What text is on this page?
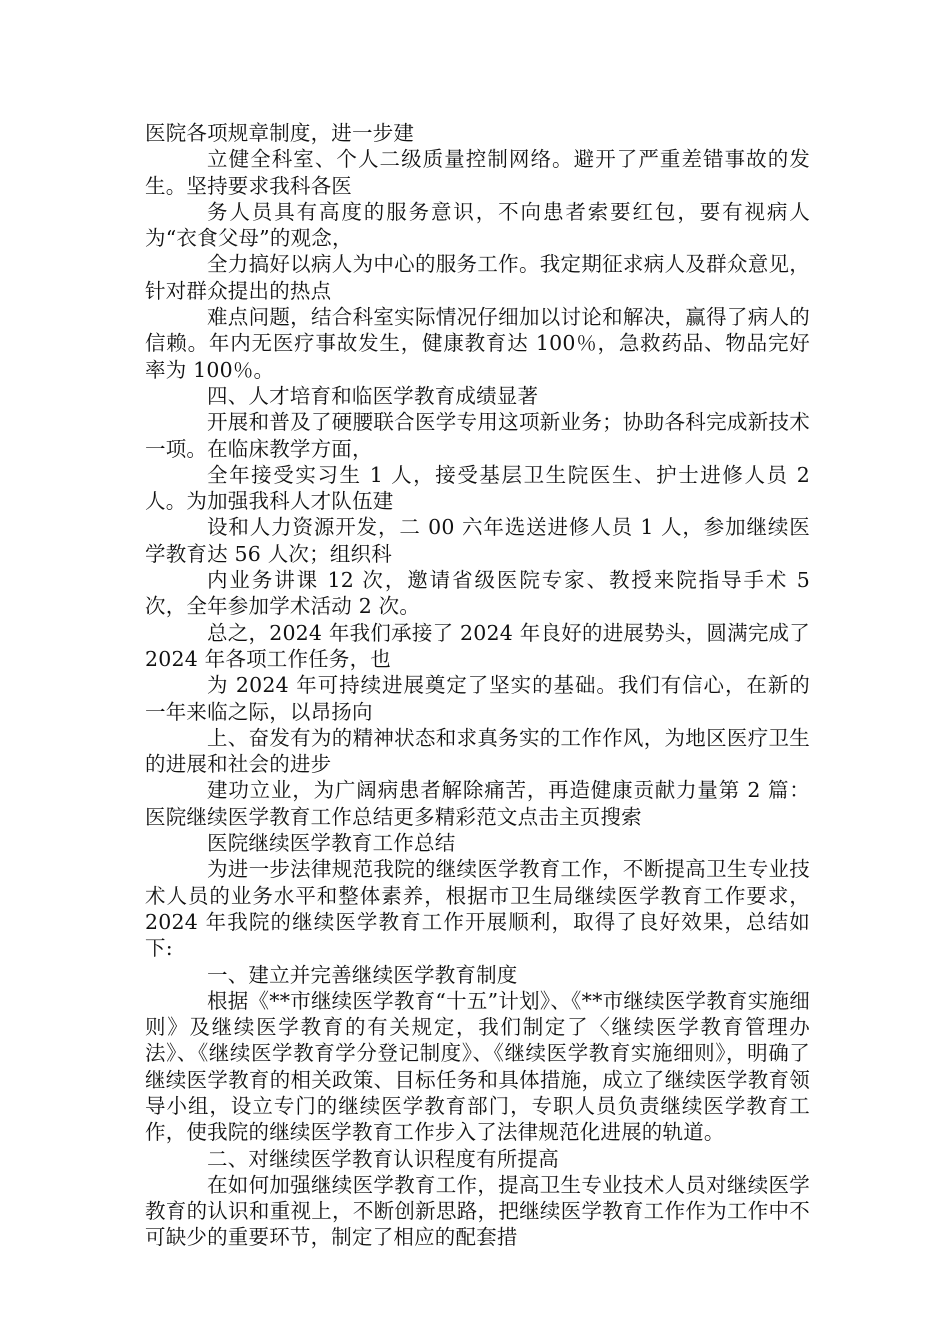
医院各项规章制度，进一步建

立健全科室、个人二级质量控制网络。避开了严重差错事故的发生。坚持要求我科各医

务人员具有高度的服务意识，不向患者索要红包，要有视病人为“衣食父母”的观念，

全力搞好以病人为中心的服务工作。我定期征求病人及群众意见，针对群众提出的热点

难点问题，结合科室实际情况仔细加以讨论和解决，赢得了病人的信赖。年内无医疗事故发生，健康教育达 100％，急救药品、物品完好率为 100％。

四、人才培育和临医学教育成绩显著

开展和普及了硬腰联合医学专用这项新业务；协助各科完成新技术一项。在临床教学方面，

全年接受实习生 1 人，接受基层卫生院医生、护士进修人员 2 人。为加强我科人才队伍建

设和人力资源开发，二 00 六年选送进修人员 1 人，参加继续医学教育达 56 人次；组织科

内业务讲课 12 次，邀请省级医院专家、教授来院指导手术 5 次，全年参加学术活动 2 次。

总之，2024 年我们承接了 2024 年良好的进展势头，圆满完成了 2024 年各项工作任务，也

为 2024 年可持续进展奠定了坚实的基础。我们有信心，在新的一年来临之际，以昂扬向

上、奋发有为的精神状态和求真务实的工作作风，为地区医疗卫生的进展和社会的进步

建功立业，为广阔病患者解除痛苦，再造健康贡献力量第 2 篇：医院继续医学教育工作总结更多精彩范文点击主页搜索

医院继续医学教育工作总结

为进一步法律规范我院的继续医学教育工作，不断提高卫生专业技术人员的业务水平和整体素养，根据市卫生局继续医学教育工作要求，2024 年我院的继续医学教育工作开展顺利，取得了良好效果，总结如下:

一、建立并完善继续医学教育制度

根据《**市继续医学教育“十五”计划》、《**市继续医学教育实施细则》及继续医学教育的有关规定，我们制定了〈继续医学教育管理办法》、《继续医学教育学分登记制度》、《继续医学教育实施细则》，明确了继续医学教育的相关政策、目标任务和具体措施，成立了继续医学教育领导小组，设立专门的继续医学教育部门，专职人员负责继续医学教育工作，使我院的继续医学教育工作步入了法律规范化进展的轨道。

二、对继续医学教育认识程度有所提高

在如何加强继续医学教育工作，提高卫生专业技术人员对继续医学教育的认识和重视上，不断创新思路，把继续医学教育工作作为工作中不可缺少的重要环节，制定了相应的配套措
